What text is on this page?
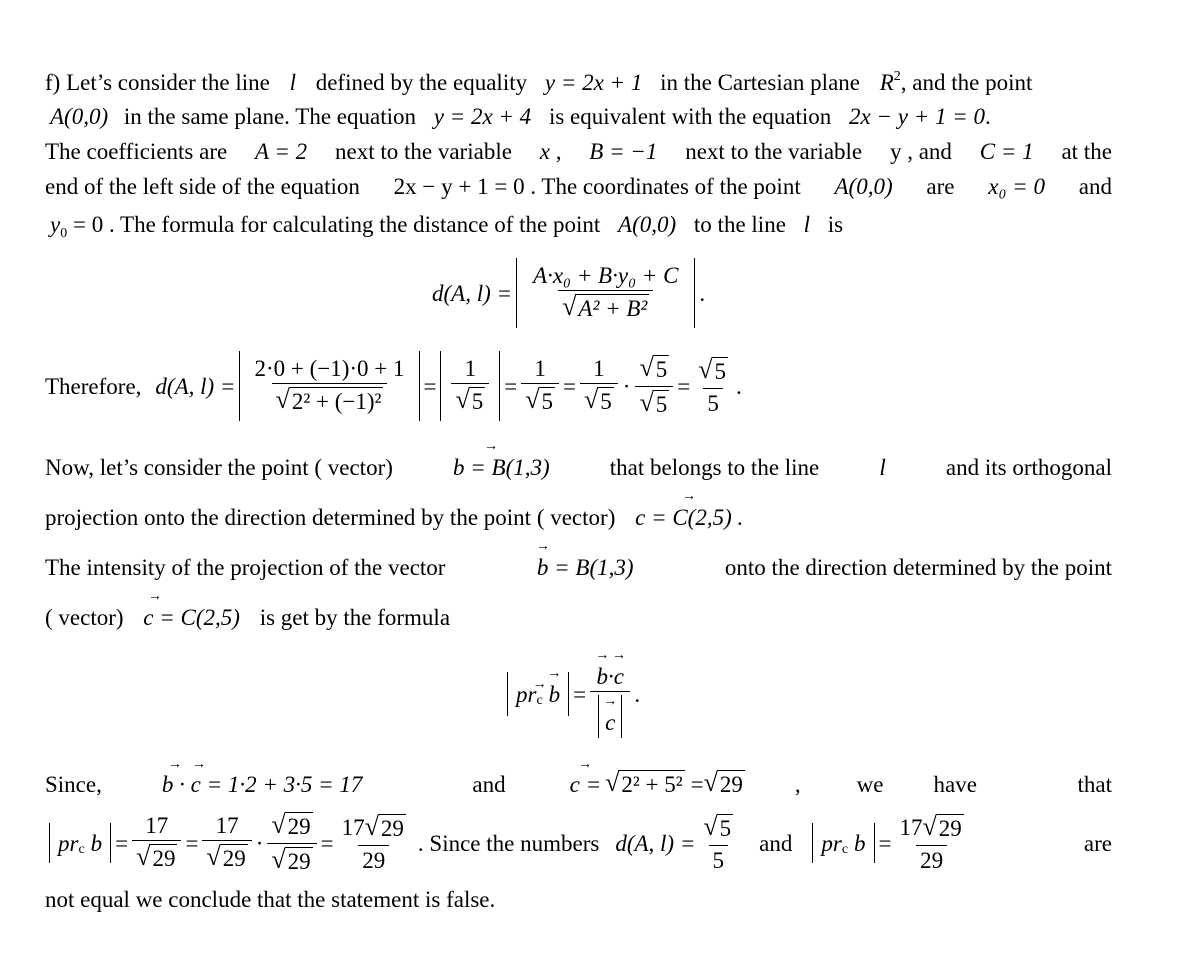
f) Let’s consider the line l defined by the equality y = 2x + 1 in the Cartesian plane $R^2$, and the point
A(0,0) in the same plane. The equation y = 2x + 4 is equivalent with the equation 2x − y + 1 = 0.
The coefficients are A = 2 next to the variable x , B = −1 next to the variable y , and C = 1 at the
end of the left side of the equation 2x − y + 1 = 0 . The coordinates of the point A(0,0) are x₀ = 0 and
$y_0 = 0$ . The formula for calculating the distance of the point A(0,0) to the line l is
d(A, $l) = \frac{\text{A·x₀ + B·y₀ + C}}{\text{√ A² + B²}}$ .
Therefore, d(A, $l) = \frac{2\cdot 0 + (-1)\cdot 0 + 1}{\text{√ 2² + (−1)²}} = \frac{1}{√ 5} = \frac{1}{√ 5} = \frac{1}{√ 5} \cdot \frac{√ 5}{√ 5} = \frac{√ 5}{5}$ .
Now, let’s consider the point ( vector)	b = B(1,3)	that belongs to the line	l	and its orthogonal
projection onto the direction determined by the point ( vector) c = C(2,5) .
The intensity of the projection of the vector	b = B(1,3)	onto the direction determined by the point
( vector) c = C(2,5) is get by the formula
→
→
→
→
pr → c → b = → b·→ c
→ c .
Since,	b · c = 1·2 + 3·5 = 17	and	c = √ 2² + 5² = √ 29 , we have	that
→ →	→
pr c $b = \frac{17}{√ 29} = \frac{17}{√ 29} \cdot \frac{√ 29}{√ 29} = \frac{17 √ 29}{29}$ . Since the numbers d(A, $l) = \frac{√ 5}{5}$ and pr c $b = \frac{17 √ 29}{29}$	are
not equal we conclude that the statement is false.
